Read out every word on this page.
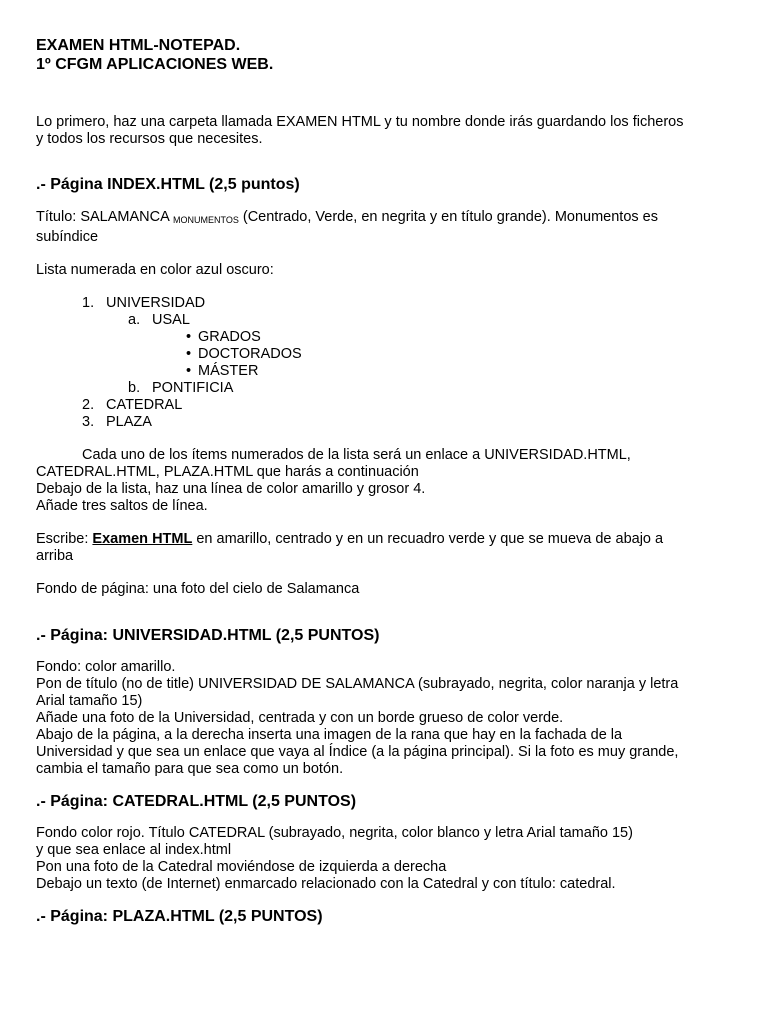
EXAMEN HTML-NOTEPAD.
1º CFGM APLICACIONES WEB.

Lo primero, haz una carpeta llamada EXAMEN HTML y tu nombre donde irás guardando los ficheros

y todos los recursos que necesites.

.- Página INDEX.HTML (2,5 puntos)

Título: SALAMANCA $_{MONUMENTOS}$ (Centrado, Verde, en negrita y en título grande). Monumentos es

subíndice

Lista numerada en color azul oscuro:

1. UNIVERSIDAD
a. USAL
• GRADOS
• DOCTORADOS
• MÁSTER
b. PONTIFICIA
2. CATEDRAL
3. PLAZA

Cada uno de los ítems numerados de la lista será un enlace a UNIVERSIDAD.HTML,

CATEDRAL.HTML, PLAZA.HTML que harás a continuación

Debajo de la lista, haz una línea de color amarillo y grosor 4.

Añade tres saltos de línea.

Escribe: Examen HTML en amarillo, centrado y en un recuadro verde y que se mueva de abajo a

arriba

Fondo de página: una foto del cielo de Salamanca

.- Página: UNIVERSIDAD.HTML (2,5 PUNTOS)

Fondo: color amarillo.

Pon de título (no de title) UNIVERSIDAD DE SALAMANCA (subrayado, negrita, color naranja y letra

Arial tamaño 15)

Añade una foto de la Universidad, centrada y con un borde grueso de color verde.

Abajo de la página, a la derecha inserta una imagen de la rana que hay en la fachada de la

Universidad y que sea un enlace que vaya al Índice (a la página principal). Si la foto es muy grande,

cambia el tamaño para que sea como un botón.

.- Página: CATEDRAL.HTML (2,5 PUNTOS)

Fondo color rojo. Título CATEDRAL (subrayado, negrita, color blanco y letra Arial tamaño 15)

y que sea enlace al index.html

Pon una foto de la Catedral moviéndose de izquierda a derecha

Debajo un texto (de Internet) enmarcado relacionado con la Catedral y con título: catedral.

.- Página: PLAZA.HTML (2,5 PUNTOS)
